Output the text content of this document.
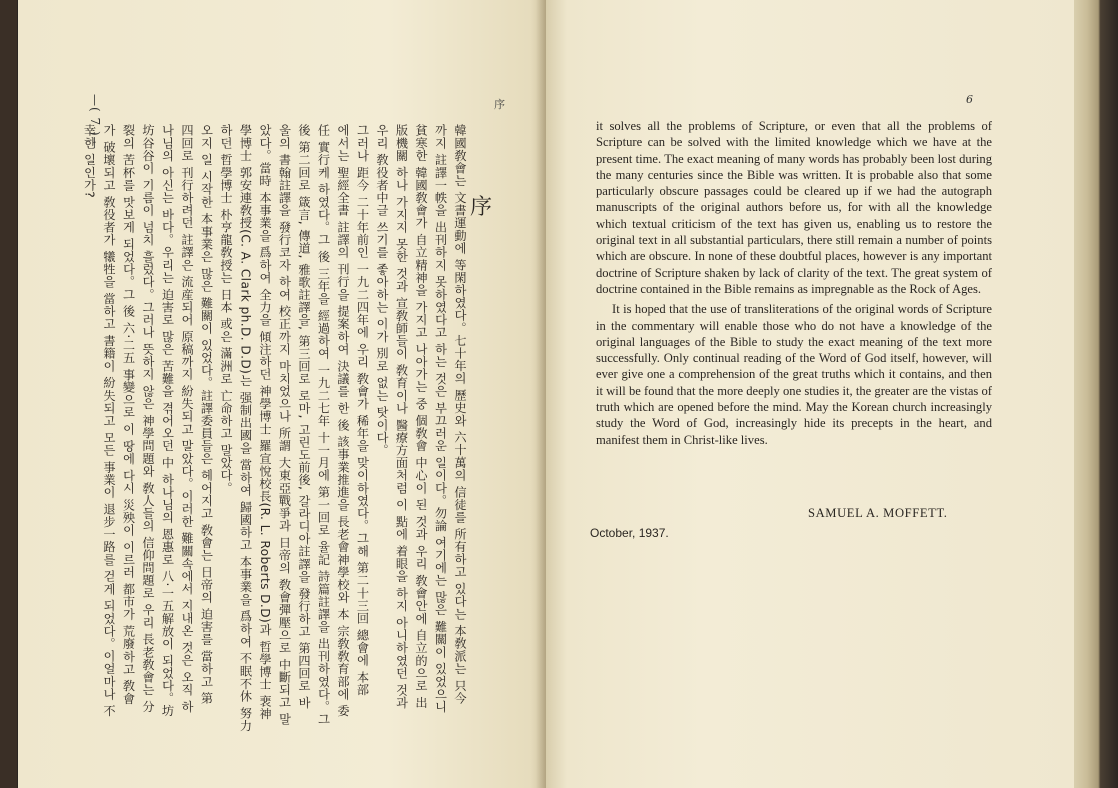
—( 7 )—	序
序
韓國敎會는 文書運動에 等閑하였다。七十年의 歷史와 六十萬의 信徒를 所有하고 있다는 本敎派는 只今
까지 註譯一帙을 出刊하지 못하였다고 하는 것은 부끄러운 일이다。勿論 여기에는 많은 難關이 있었으니
貧寒한 韓國敎會가 自立精神을 가지고 나아가는 중 個敎會 中心이 된 것과 우리 敎會안에 自立的으로 出
版機關 하나 가지지 못한 것과 宣敎師들이 敎育이나 醫療方面처럼 이 點에 着眼을 하지 아니하였던 것과
우리 敎役者中글 쓰기를 좋아하는 이가 別로 없는 탓이다。
그러나 距今 二十年前인 一九二四年에 우리 敎會가 稀年을 맞이하였다。그해 第二十三回 總會에 本部
에서는 聖經全書 註譯의 刊行을 提案하여 決議를 한 後 該事業推進을 長老會神學校와 本 宗敎敎育部에 委
任 實行케 하였다。그 後 三年을 經過하여 一九二七年 十一月에 第一回로 율記 詩篇註譯을 出刊하였다。그
後 第二回로 箴言, 傳道, 雅歌註譯을, 第三回로 로마, 고린도前後, 갈라디아註譯을 發行하고 第四回로 바
울의 書翰註譯을 發行코자 하여 校正까지 마치었으나 所謂 大東亞戰爭과 日帝의 敎會彈壓으로 中斷되고 말
았다。當時 本事業을 爲하여 全力을 傾注하던 神學博士 羅宣悅校長(R. L. Roberts D.D)과 哲學博士 裵神
學博士 郭安連敎授(C. A. Clark ph.D. D.D)는 强制出國을 當하여 歸國하고 本事業을 爲하여 不眠不休 努力
하던 哲學博士 朴亨龍敎授는 日本 或은 滿洲로 亡命하고 말았다。
오지 일 시작한 本事業은 많은 難關이 있었다。註譯委員들은 헤어지고 敎會는 日帝의 迫害를 當하고 第
四回로 刊行하려던 註譯은 流産되어 原稿까지 紛失되고 말았다。이러한 難關속에서 지내온 것은 오직 하
나님의 아신는 바다。우리는 迫害로 많은 苦難을 겪어오던 中 하나님의 恩惠로 八·一五解放이 되었다。坊
坊谷谷이 기름이 넘치 흘렀다。그러나 뜻하지 않은 神學問題와 敎人들의 信仰問題로 우리 長老敎會는 分
裂의 苦杯를 맛보게 되었다。그 後 六·二五 事變으로 이 땅에 다시 災殃이 이르러 都市가 荒廢하고 敎會
가 破壞되고 敎役者가 犧牲을 當하고 書籍이 紛失되고 모든 事業이 退步一路를 걷게 되었다。이얼마나 不
幸한 일인가?

6

it solves all the problems of Scripture, or even that all the problems of Scripture can be solved with the limited knowledge which we have at the present time. The exact meaning of many words has probably been lost during the many centuries since the Bible was written. It is probable also that some particularly obscure passages could be cleared up if we had the autograph manuscripts of the original authors before us, for with all the knowledge which textual criticism of the text has given us, enabling us to restore the original text in all substantial particulars, there still remain a number of points which are obscure. In none of these doubtful places, however is any important doctrine of Scripture shaken by lack of clarity of the text. The great system of doctrine contained in the Bible remains as impregnable as the Rock of Ages.

It is hoped that the use of transliterations of the original words of Scripture in the commentary will enable those who do not have a knowledge of the original languages of the Bible to study the exact meaning of the text more successfully. Only continual reading of the Word of God itself, however, will ever give one a comprehension of the great truths which it contains, and then it will be found that the more deeply one studies it, the greater are the vistas of truth which are opened before the mind. May the Korean church increasingly study the Word of God, increasingly hide its precepts in the heart, and manifest them in Christ-like lives.

SAMUEL A. MOFFETT.
October, 1937.
